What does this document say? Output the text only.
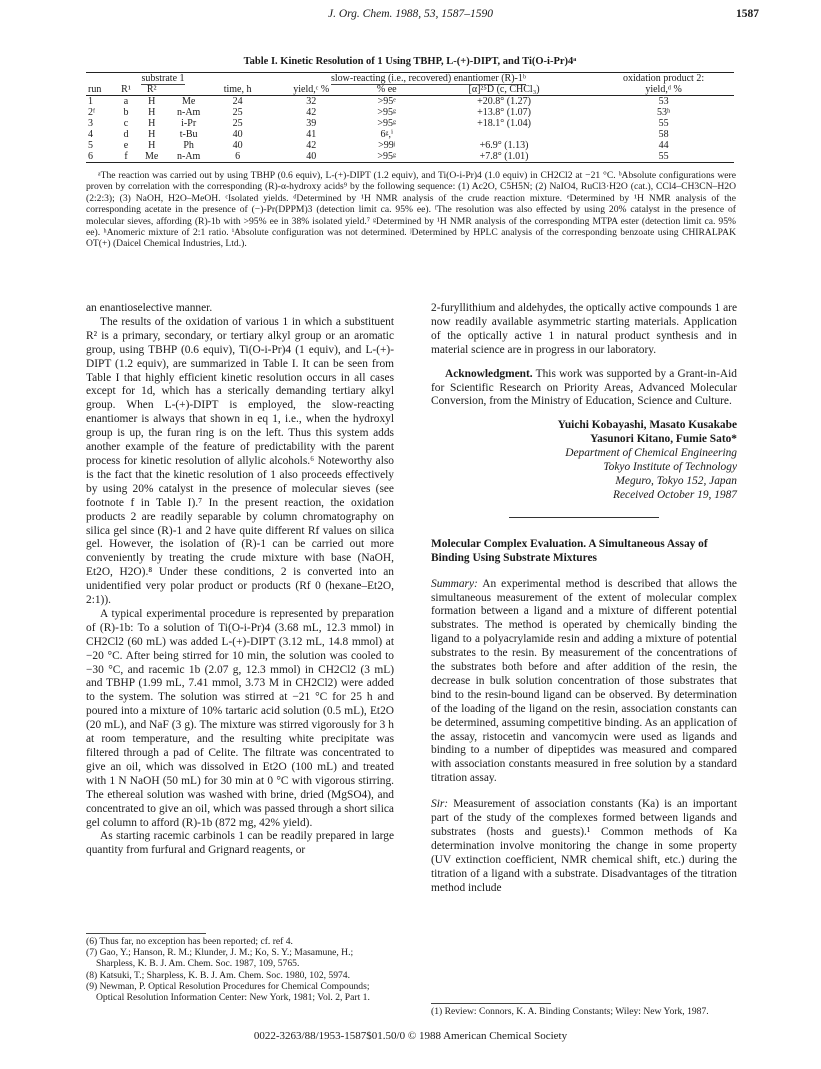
J. Org. Chem. 1988, 53, 1587–1590	1587
Table I. Kinetic Resolution of 1 Using TBHP, L-(+)-DIPT, and Ti(O-i-Pr)4ᵃ
	substrate 1				slow-reacting (i.e., recovered) enantiomer (R)-1ᵇ			oxidation product 2:
run	R¹	R²		time, h	yield,ᶜ %	% ee	[α]²⁵D (c, CHCl₃)	yield,ᵈ %
1	a	H	Me	24	32	>95ᵉ	+20.8° (1.27)	53
2ᶠ	b	H	n-Am	25	42	>95ᵍ	+13.8° (1.07)	53ʰ
3	c	H	i-Pr	25	39	>95ᵍ	+18.1° (1.04)	55
4	d	H	t-Bu	40	41	6ᵍ,ⁱ		58
5	e	H	Ph	40	42	>99ʲ	+6.9° (1.13)	44
6	f	Me	n-Am	6	40	>95ᵍ	+7.8° (1.01)	55

ᵃThe reaction was carried out by using TBHP (0.6 equiv), L-(+)-DIPT (1.2 equiv), and Ti(O-i-Pr)4 (1.0 equiv) in CH2Cl2 at −21 °C. ᵇAbsolute configurations were proven by correlation with the corresponding (R)-α-hydroxy acids⁹ by the following sequence: (1) Ac2O, C5H5N; (2) NaIO4, RuCl3·H2O (cat.), CCl4–CH3CN–H2O (2:2:3); (3) NaOH, H2O–MeOH. ᶜIsolated yields. ᵈDetermined by ¹H NMR analysis of the crude reaction mixture. ᵉDetermined by ¹H NMR analysis of the corresponding acetate in the presence of (−)-Pr(DPPM)3 (detection limit ca. 95% ee). ᶠThe resolution was also effected by using 20% catalyst in the presence of molecular sieves, affording (R)-1b with >95% ee in 38% isolated yield.⁷ ᵍDetermined by ¹H NMR analysis of the corresponding MTPA ester (detection limit ca. 95% ee). ʰAnomeric mixture of 2:1 ratio. ⁱAbsolute configuration was not determined. ʲDetermined by HPLC analysis of the corresponding benzoate using CHIRALPAK OT(+) (Daicel Chemical Industries, Ltd.).

an enantioselective manner.

The results of the oxidation of various 1 in which a substituent R² is a primary, secondary, or tertiary alkyl group or an aromatic group, using TBHP (0.6 equiv), Ti(O-i-Pr)4 (1 equiv), and L-(+)-DIPT (1.2 equiv), are summarized in Table I. It can be seen from Table I that highly efficient kinetic resolution occurs in all cases except for 1d, which has a sterically demanding tertiary alkyl group. When L-(+)-DIPT is employed, the slow-reacting enantiomer is always that shown in eq 1, i.e., when the hydroxyl group is up, the furan ring is on the left. Thus this system adds another example of the feature of predictability with the parent process for kinetic resolution of allylic alcohols.⁶ Noteworthy also is the fact that the kinetic resolution of 1 also proceeds effectively by using 20% catalyst in the presence of molecular sieves (see footnote f in Table I).⁷ In the present reaction, the oxidation products 2 are readily separable by column chromatography on silica gel since (R)-1 and 2 have quite different Rf values on silica gel. However, the isolation of (R)-1 can be carried out more conveniently by treating the crude mixture with base (NaOH, Et2O, H2O).⁸ Under these conditions, 2 is converted into an unidentified very polar product or products (Rf 0 (hexane–Et2O, 2:1)).

A typical experimental procedure is represented by preparation of (R)-1b: To a solution of Ti(O-i-Pr)4 (3.68 mL, 12.3 mmol) in CH2Cl2 (60 mL) was added L-(+)-DIPT (3.12 mL, 14.8 mmol) at −20 °C. After being stirred for 10 min, the solution was cooled to −30 °C, and racemic 1b (2.07 g, 12.3 mmol) in CH2Cl2 (3 mL) and TBHP (1.99 mL, 7.41 mmol, 3.73 M in CH2Cl2) were added to the system. The solution was stirred at −21 °C for 25 h and poured into a mixture of 10% tartaric acid solution (0.5 mL), Et2O (20 mL), and NaF (3 g). The mixture was stirred vigorously for 3 h at room temperature, and the resulting white precipitate was filtered through a pad of Celite. The filtrate was concentrated to give an oil, which was dissolved in Et2O (100 mL) and treated with 1 N NaOH (50 mL) for 30 min at 0 °C with vigorous stirring. The ethereal solution was washed with brine, dried (MgSO4), and concentrated to give an oil, which was passed through a short silica gel column to afford (R)-1b (872 mg, 42% yield).

As starting racemic carbinols 1 can be readily prepared in large quantity from furfural and Grignard reagents, or

(6) Thus far, no exception has been reported; cf. ref 4.

(7) Gao, Y.; Hanson, R. M.; Klunder, J. M.; Ko, S. Y.; Masamune, H.; Sharpless, K. B. J. Am. Chem. Soc. 1987, 109, 5765.

(8) Katsuki, T.; Sharpless, K. B. J. Am. Chem. Soc. 1980, 102, 5974.

(9) Newman, P. Optical Resolution Procedures for Chemical Compounds; Optical Resolution Information Center: New York, 1981; Vol. 2, Part 1.

2-furyllithium and aldehydes, the optically active compounds 1 are now readily available asymmetric starting materials. Application of the optically active 1 in natural product synthesis and in material science are in progress in our laboratory.

Acknowledgment. This work was supported by a Grant-in-Aid for Scientific Research on Priority Areas, Advanced Molecular Conversion, from the Ministry of Education, Science and Culture.

Yuichi Kobayashi, Masato Kusakabe

Yasunori Kitano, Fumie Sato*

Department of Chemical Engineering

Tokyo Institute of Technology

Meguro, Tokyo 152, Japan

Received October 19, 1987

Molecular Complex Evaluation. A Simultaneous Assay of Binding Using Substrate Mixtures

Summary: An experimental method is described that allows the simultaneous measurement of the extent of molecular complex formation between a ligand and a mixture of different potential substrates. The method is operated by chemically binding the ligand to a polyacrylamide resin and adding a mixture of potential substrates to the resin. By measurement of the concentrations of the substrates both before and after addition of the resin, the decrease in bulk solution concentration of those substrates that bind to the resin-bound ligand can be observed. By determination of the loading of the ligand on the resin, association constants can be determined, assuming competitive binding. As an application of the assay, ristocetin and vancomycin were used as ligands and binding to a number of dipeptides was measured and compared with association constants measured in free solution by a standard titration assay.

Sir: Measurement of association constants (Ka) is an important part of the study of the complexes formed between ligands and substrates (hosts and guests).¹ Common methods of Ka determination involve monitoring the change in some property (UV extinction coefficient, NMR chemical shift, etc.) during the titration of a ligand with a substrate. Disadvantages of the titration method include

(1) Review: Connors, K. A. Binding Constants; Wiley: New York, 1987.

0022-3263/88/1953-1587$01.50/0 © 1988 American Chemical Society
